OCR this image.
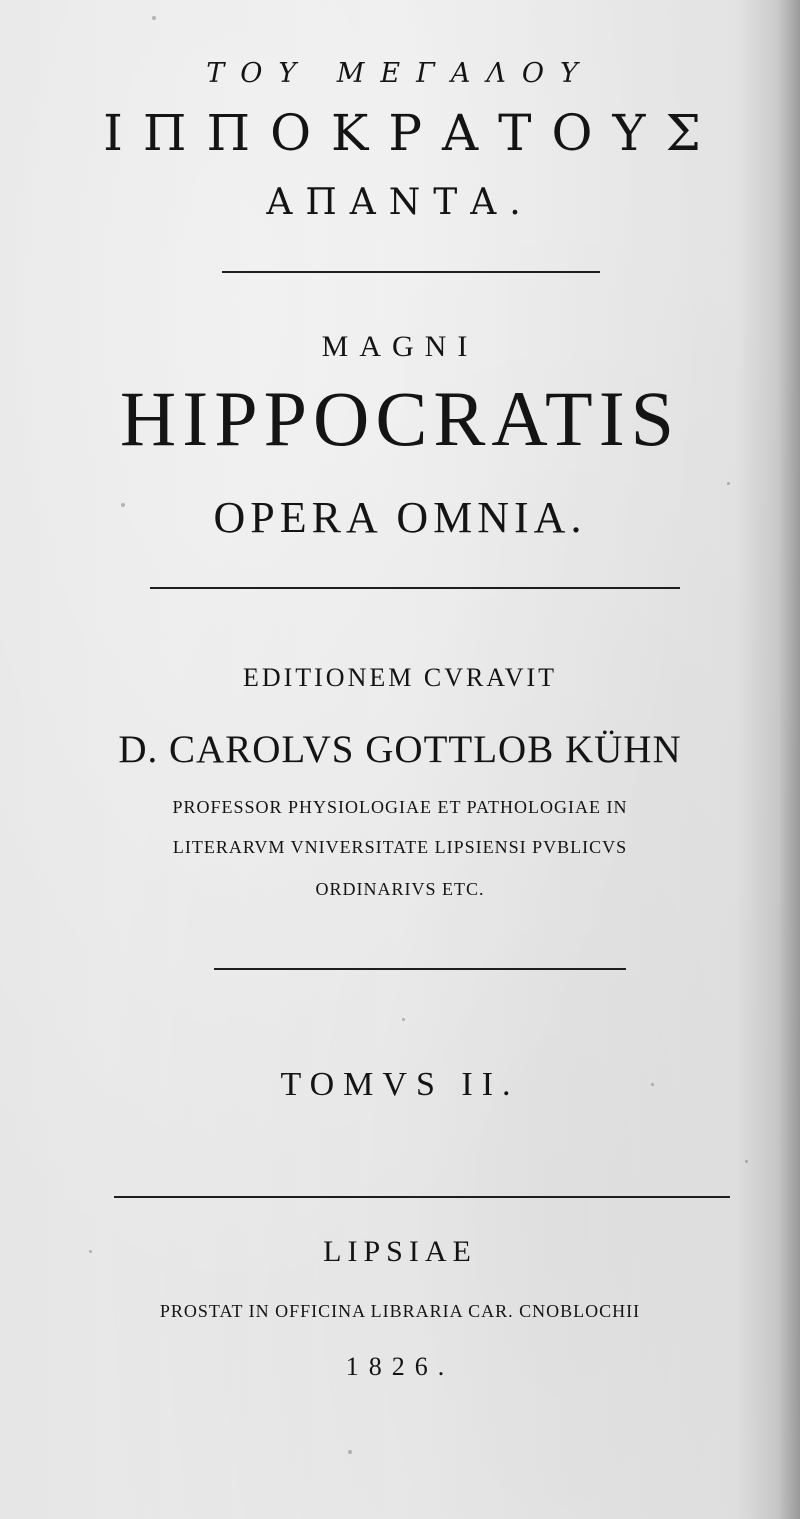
ΤΟΥ ΜΕΓΑΛΟΥ
ΙΠΠΟΚΡΑΤΟΥΣ
ΑΠΑΝΤΑ.
MAGNI
HIPPOCRATIS
OPERA OMNIA.
EDITIONEM CVRAVIT
D. CAROLVS GOTTLOB KÜHN
PROFESSOR PHYSIOLOGIAE ET PATHOLOGIAE IN
LITERARVM VNIVERSITATE LIPSIENSI PVBLICVS
ORDINARIVS ETC.
TOMVS II.
LIPSIAE
PROSTAT IN OFFICINA LIBRARIA CAR. CNOBLOCHII
1826.
